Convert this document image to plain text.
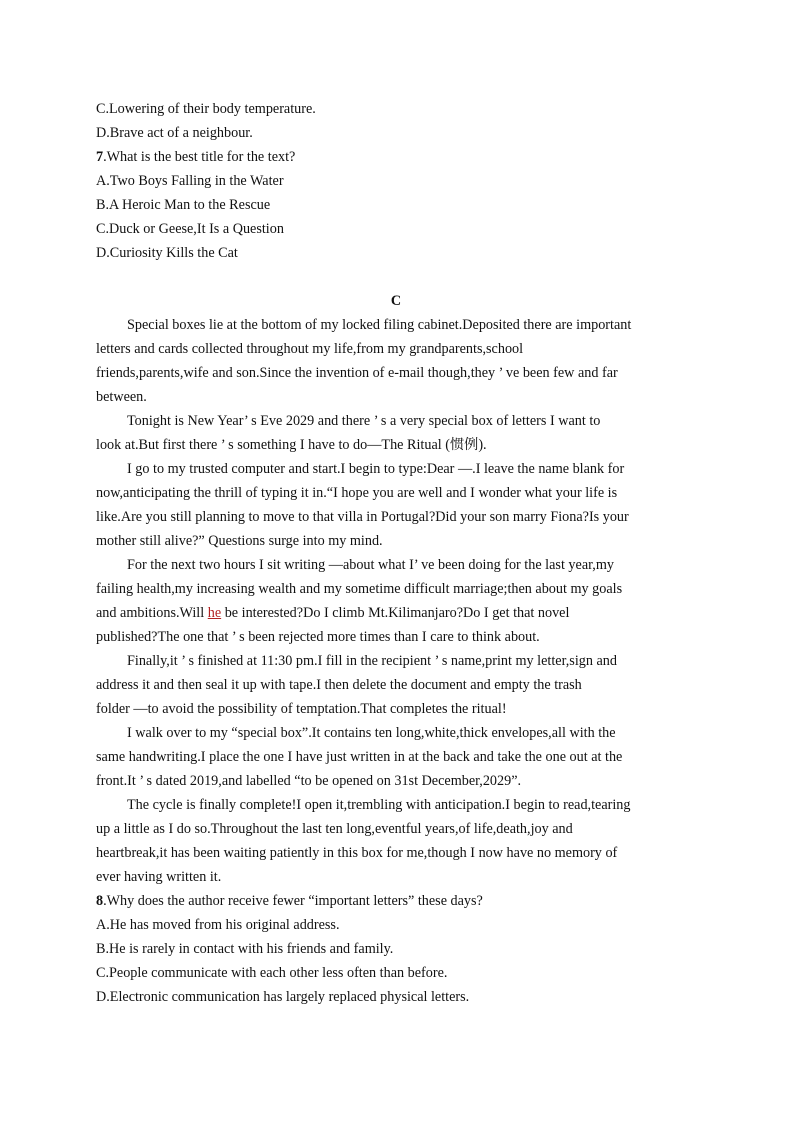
C.Lowering of their body temperature.
D.Brave act of a neighbour.
7.What is the best title for the text?
A.Two Boys Falling in the Water
B.A Heroic Man to the Rescue
C.Duck or Geese,It Is a Question
D.Curiosity Kills the Cat
C
Special boxes lie at the bottom of my locked filing cabinet.Deposited there are important
letters and cards collected throughout my life,from my grandparents,school
friends,parents,wife and son.Since the invention of e-mail though,they ’ ve been few and far
between.
Tonight is New Year’ s Eve 2029 and there ’ s a very special box of letters I want to
look at.But first there ’ s something I have to do—The Ritual (惯例).
I go to my trusted computer and start.I begin to type:Dear —.I leave the name blank for
now,anticipating the thrill of typing it in.“I hope you are well and I wonder what your life is
like.Are you still planning to move to that villa in Portugal?Did your son marry Fiona?Is your
mother still alive?” Questions surge into my mind.
For the next two hours I sit writing —about what I’ ve been doing for the last year,my
failing health,my increasing wealth and my sometime difficult marriage;then about my goals
and ambitions.Will he be interested?Do I climb Mt.Kilimanjaro?Do I get that novel
published?The one that ’ s been rejected more times than I care to think about.
Finally,it ’ s finished at 11:30 pm.I fill in the recipient ’ s name,print my letter,sign and
address it and then seal it up with tape.I then delete the document and empty the trash
folder —to avoid the possibility of temptation.That completes the ritual!
I walk over to my “special box”.It contains ten long,white,thick envelopes,all with the
same handwriting.I place the one I have just written in at the back and take the one out at the
front.It ’ s dated 2019,and labelled “to be opened on 31st December,2029”.
The cycle is finally complete!I open it,trembling with anticipation.I begin to read,tearing
up a little as I do so.Throughout the last ten long,eventful years,of life,death,joy and
heartbreak,it has been waiting patiently in this box for me,though I now have no memory of
ever having written it.
8.Why does the author receive fewer “important letters” these days?
A.He has moved from his original address.
B.He is rarely in contact with his friends and family.
C.People communicate with each other less often than before.
D.Electronic communication has largely replaced physical letters.
